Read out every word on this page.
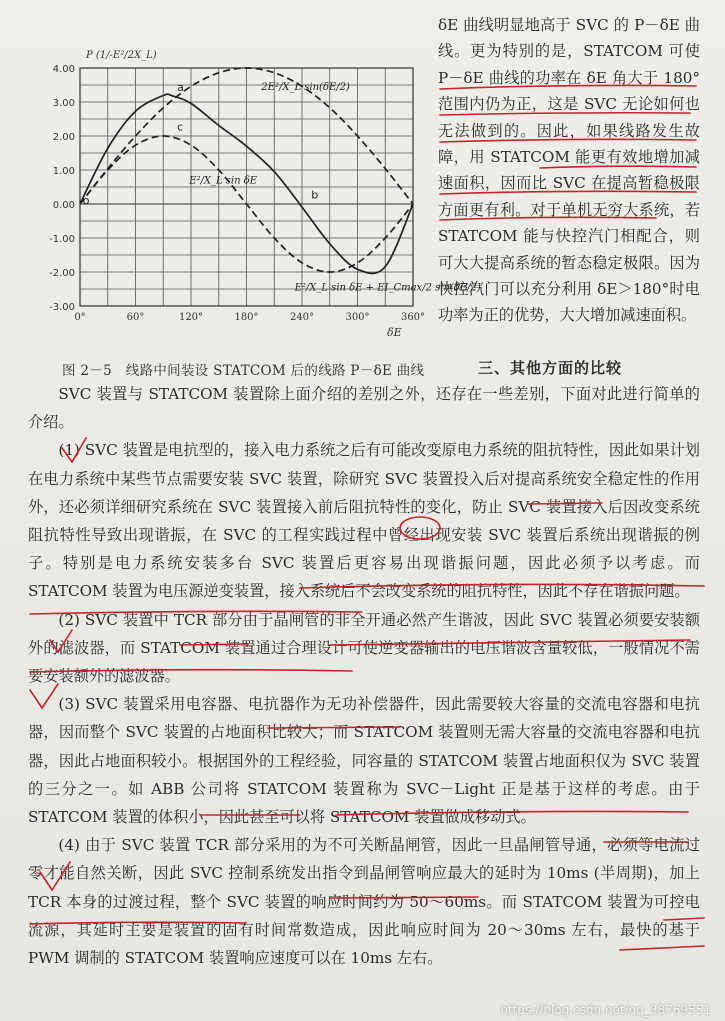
4.00
3.00
2.00
1.00
0.00
-1.00
-2.00
-3.00
0°	60°	120°	180°	240°	300°	360°
P (1/-E²/2X_L)
δE
a
b
c
o
2E²/X_L sin(δE/2)
E²/X_L sin δE + EI_Cmax/2 sin(δE/2)
E²/X_L sin δE
图 2－5　线路中间装设 STATCOM 后的线路 P－δE 曲线

δE 曲线明显地高于 SVC 的 P－δE 曲线。更为特别的是，STATCOM 可使 P－δE 曲线的功率在 δE 角大于 180°范围内仍为正，这是 SVC 无论如何也无法做到的。因此，如果线路发生故障，用 STATCOM 能更有效地增加减速面积，因而比 SVC 在提高暂稳极限方面更有利。对于单机无穷大系统，若 STATCOM 能与快控汽门相配合，则可大大提高系统的暂态稳定极限。因为快控汽门可以充分利用 δE＞180°时电功率为正的优势，大大增加减速面积。

三、其他方面的比较

SVC 装置与 STATCOM 装置除上面介绍的差别之外，还存在一些差别，下面对此进行简单的介绍。

(1) SVC 装置是电抗型的，接入电力系统之后有可能改变原电力系统的阻抗特性，因此如果计划在电力系统中某些节点需要安装 SVC 装置，除研究 SVC 装置投入后对提高系统安全稳定性的作用外，还必须详细研究系统在 SVC 装置接入前后阻抗特性的变化，防止 SVC 装置接入后因改变系统阻抗特性导致出现谐振，在 SVC 的工程实践过程中曾经出现安装 SVC 装置后系统出现谐振的例子。特别是电力系统安装多台 SVC 装置后更容易出现谐振问题，因此必须予以考虑。而 STATCOM 装置为电压源逆变装置，接入系统后不会改变系统的阻抗特性，因此不存在谐振问题。

(2) SVC 装置中 TCR 部分由于晶闸管的非全开通必然产生谐波，因此 SVC 装置必须要安装额外的滤波器，而 STATCOM 装置通过合理设计可使逆变器输出的电压谐波含量较低，一般情况不需要安装额外的滤波器。

(3) SVC 装置采用电容器、电抗器作为无功补偿器件，因此需要较大容量的交流电容器和电抗器，因而整个 SVC 装置的占地面积比较大；而 STATCOM 装置则无需大容量的交流电容器和电抗器，因此占地面积较小。根据国外的工程经验，同容量的 STATCOM 装置占地面积仅为 SVC 装置的三分之一。如 ABB 公司将 STATCOM 装置称为 SVC－Light 正是基于这样的考虑。由于 STATCOM 装置的体积小，因此甚至可以将 STATCOM 装置做成移动式。

(4) 由于 SVC 装置 TCR 部分采用的为不可关断晶闸管，因此一旦晶闸管导通，必须等电流过零才能自然关断，因此 SVC 控制系统发出指令到晶闸管响应最大的延时为 10ms (半周期)，加上 TCR 本身的过渡过程，整个 SVC 装置的响应时间约为 50～60ms。而 STATCOM 装置为可控电流源，其延时主要是装置的固有时间常数造成，因此响应时间为 20～30ms 左右，最快的基于 PWM 调制的 STATCOM 装置响应速度可以在 10ms 左右。

https://blog.csdn.net/qq_38769551
